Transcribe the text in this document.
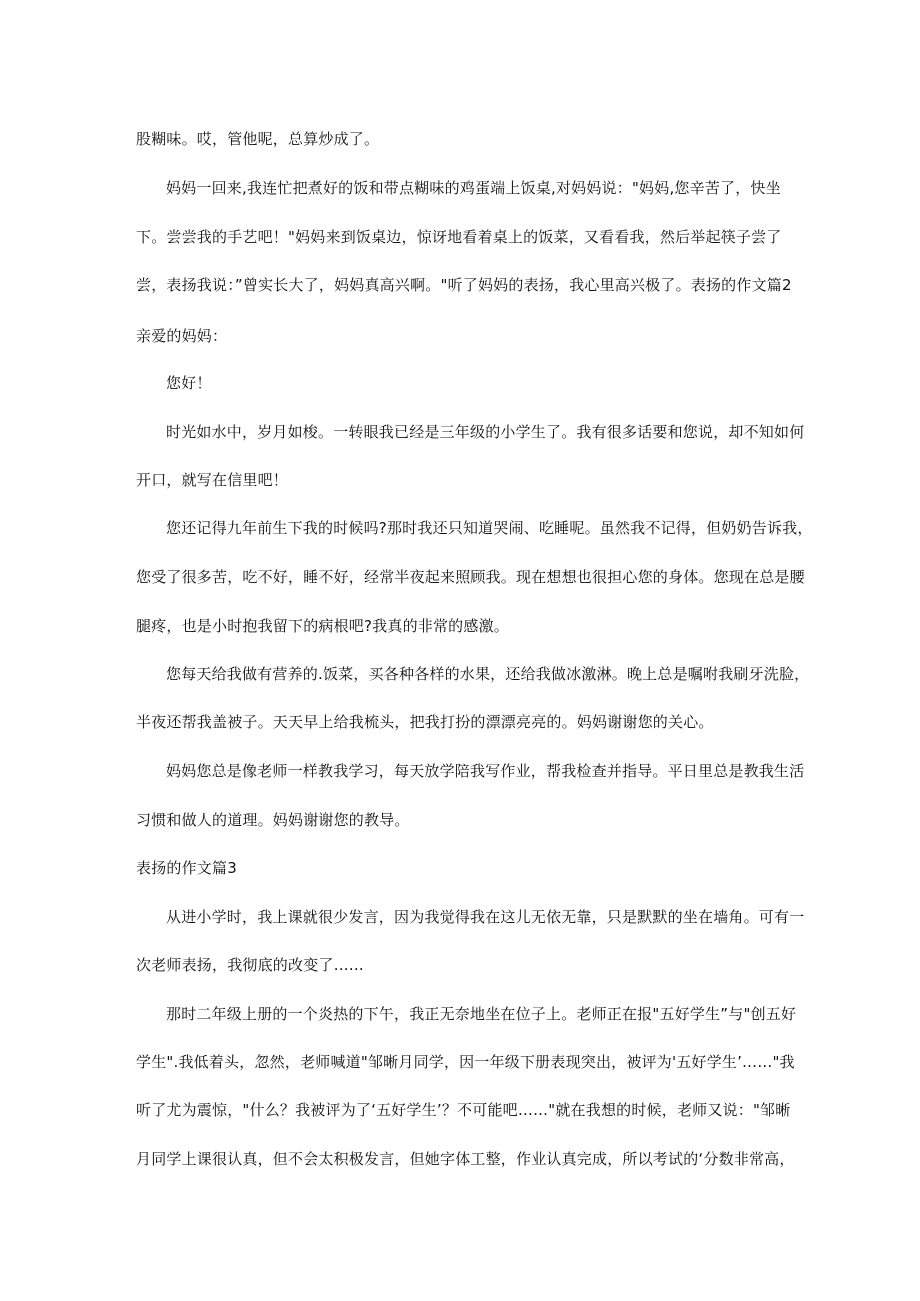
股糊味。哎，管他呢，总算炒成了。
妈妈一回来,我连忙把煮好的饭和带点糊味的鸡蛋端上饭桌,对妈妈说："妈妈,您辛苦了，快坐
下。尝尝我的手艺吧！"妈妈来到饭桌边，惊讶地看着桌上的饭菜，又看看我，然后举起筷子尝了
尝，表扬我说：”曾实长大了，妈妈真高兴啊。"听了妈妈的表扬，我心里高兴极了。表扬的作文篇2
亲爱的妈妈：
您好！
时光如水中，岁月如梭。一转眼我已经是三年级的小学生了。我有很多话要和您说，却不知如何
开口，就写在信里吧！
您还记得九年前生下我的时候吗?那时我还只知道哭闹、吃睡呢。虽然我不记得，但奶奶告诉我，
您受了很多苦，吃不好，睡不好，经常半夜起来照顾我。现在想想也很担心您的身体。您现在总是腰
腿疼，也是小时抱我留下的病根吧?我真的非常的感激。
您每天给我做有营养的.饭菜，买各种各样的水果，还给我做冰激淋。晚上总是嘱咐我刷牙洗脸，
半夜还帮我盖被子。天天早上给我梳头，把我打扮的漂漂亮亮的。妈妈谢谢您的关心。
妈妈您总是像老师一样教我学习，每天放学陪我写作业，帮我检查并指导。平日里总是教我生活
习惯和做人的道理。妈妈谢谢您的教导。
表扬的作文篇3
从进小学时，我上课就很少发言，因为我觉得我在这儿无依无靠，只是默默的坐在墙角。可有一
次老师表扬，我彻底的改变了……
那时二年级上册的一个炎热的下午，我正无奈地坐在位子上。老师正在报"五好学生”与"创五好
学生".我低着头，忽然，老师喊道"邹晰月同学，因一年级下册表现突出，被评为'五好学生’……"我
听了尤为震惊，"什么？我被评为了‘五好学生’？不可能吧……"就在我想的时候，老师又说："邹晰
月同学上课很认真，但不会太积极发言，但她字体工整，作业认真完成，所以考试的‘分数非常高，
